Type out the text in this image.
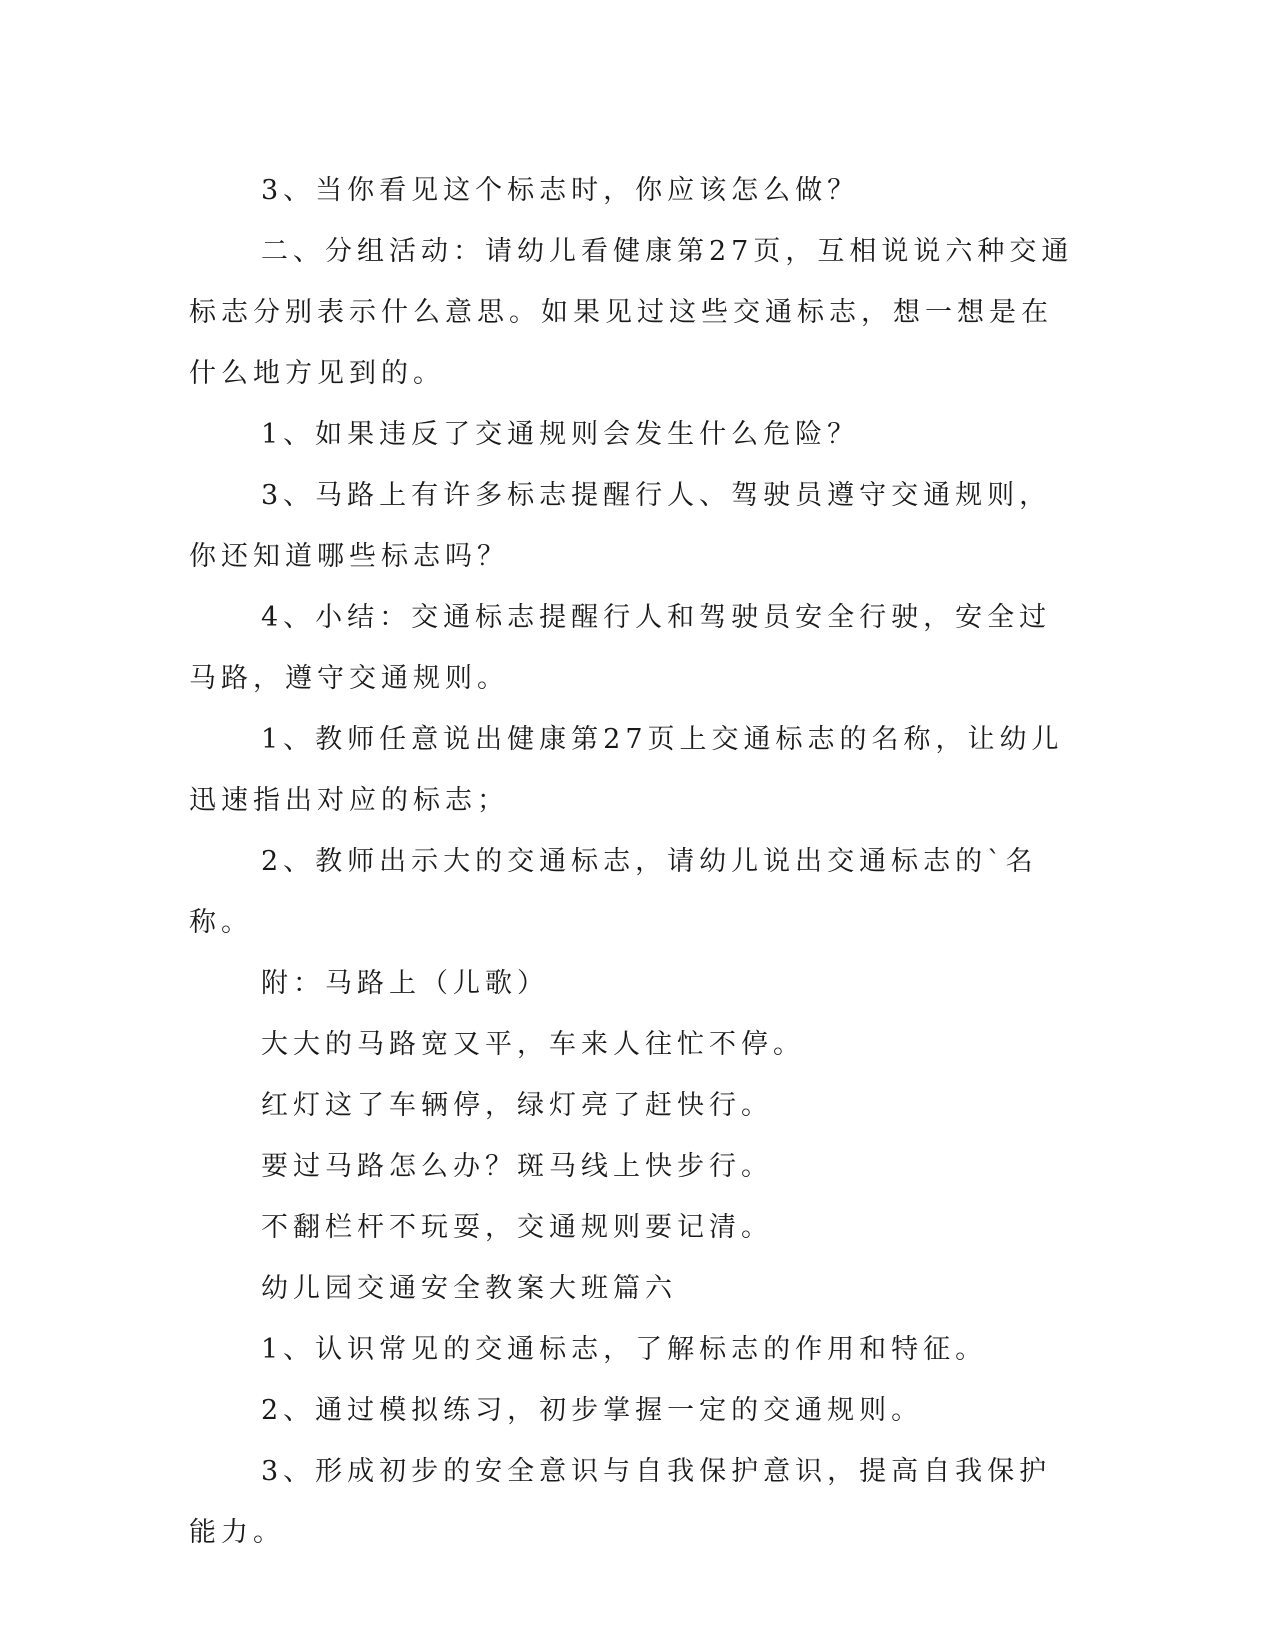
3、当你看见这个标志时，你应该怎么做？

二、分组活动：请幼儿看健康第27页，互相说说六种交通标志分别表示什么意思。如果见过这些交通标志，想一想是在什么地方见到的。

1、如果违反了交通规则会发生什么危险？

3、马路上有许多标志提醒行人、驾驶员遵守交通规则，你还知道哪些标志吗？

4、小结：交通标志提醒行人和驾驶员安全行驶，安全过马路，遵守交通规则。

1、教师任意说出健康第27页上交通标志的名称，让幼儿迅速指出对应的标志；

2、教师出示大的交通标志，请幼儿说出交通标志的`名称。

附：马路上（儿歌）

大大的马路宽又平，车来人往忙不停。

红灯这了车辆停，绿灯亮了赶快行。

要过马路怎么办？斑马线上快步行。

不翻栏杆不玩耍，交通规则要记清。

幼儿园交通安全教案大班篇六

1、认识常见的交通标志，了解标志的作用和特征。

2、通过模拟练习，初步掌握一定的交通规则。

3、形成初步的安全意识与自我保护意识，提高自我保护能力。
